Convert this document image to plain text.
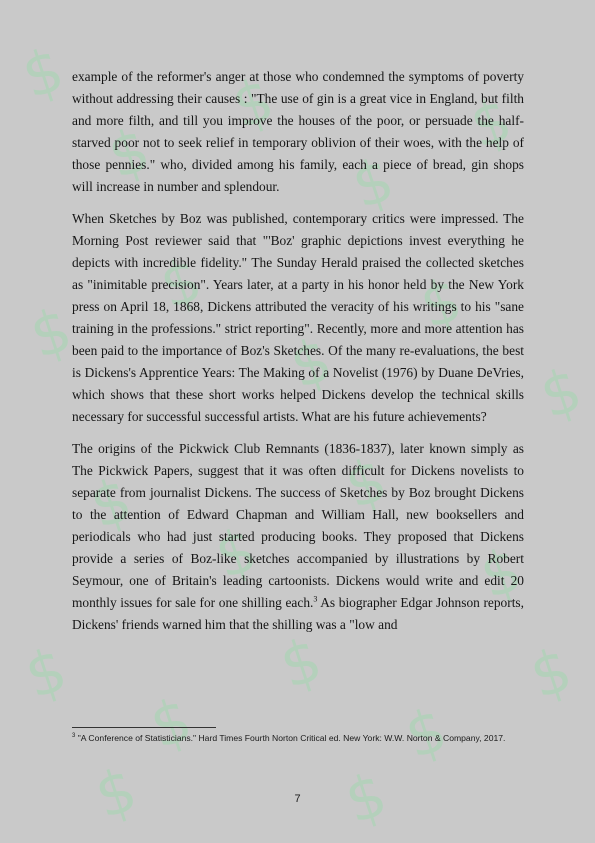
$
$
$
$
$
$
$
$
$
$
$
$
$
$
$
$
$
$
$
$	$

example of the reformer's anger at those who condemned the symptoms of poverty without addressing their causes : "The use of gin is a great vice in England, but filth and more filth, and till you improve the houses of the poor, or persuade the half-starved poor not to seek relief in temporary oblivion of their woes, with the help of those pennies." who, divided among his family, each a piece of bread, gin shops will increase in number and splendour.

When Sketches by Boz was published, contemporary critics were impressed. The Morning Post reviewer said that "'Boz' graphic depictions invest everything he depicts with incredible fidelity." The Sunday Herald praised the collected sketches as "inimitable precision". Years later, at a party in his honor held by the New York press on April 18, 1868, Dickens attributed the veracity of his writings to his "sane training in the professions." strict reporting". Recently, more and more attention has been paid to the importance of Boz's Sketches. Of the many re-evaluations, the best is Dickens's Apprentice Years: The Making of a Novelist (1976) by Duane DeVries, which shows that these short works helped Dickens develop the technical skills necessary for successful successful artists. What are his future achievements?

The origins of the Pickwick Club Remnants (1836-1837), later known simply as The Pickwick Papers, suggest that it was often difficult for Dickens novelists to separate from journalist Dickens. The success of Sketches by Boz brought Dickens to the attention of Edward Chapman and William Hall, new booksellers and periodicals who had just started producing books. They proposed that Dickens provide a series of Boz-like sketches accompanied by illustrations by Robert Seymour, one of Britain's leading cartoonists. Dickens would write and edit 20 monthly issues for sale for one shilling each.$^3$ As biographer Edgar Johnson reports, Dickens' friends warned him that the shilling was a "low and

$^3$ "A Conference of Statisticians." Hard Times Fourth Norton Critical ed. New York: W.W. Norton & Company, 2017.
7
